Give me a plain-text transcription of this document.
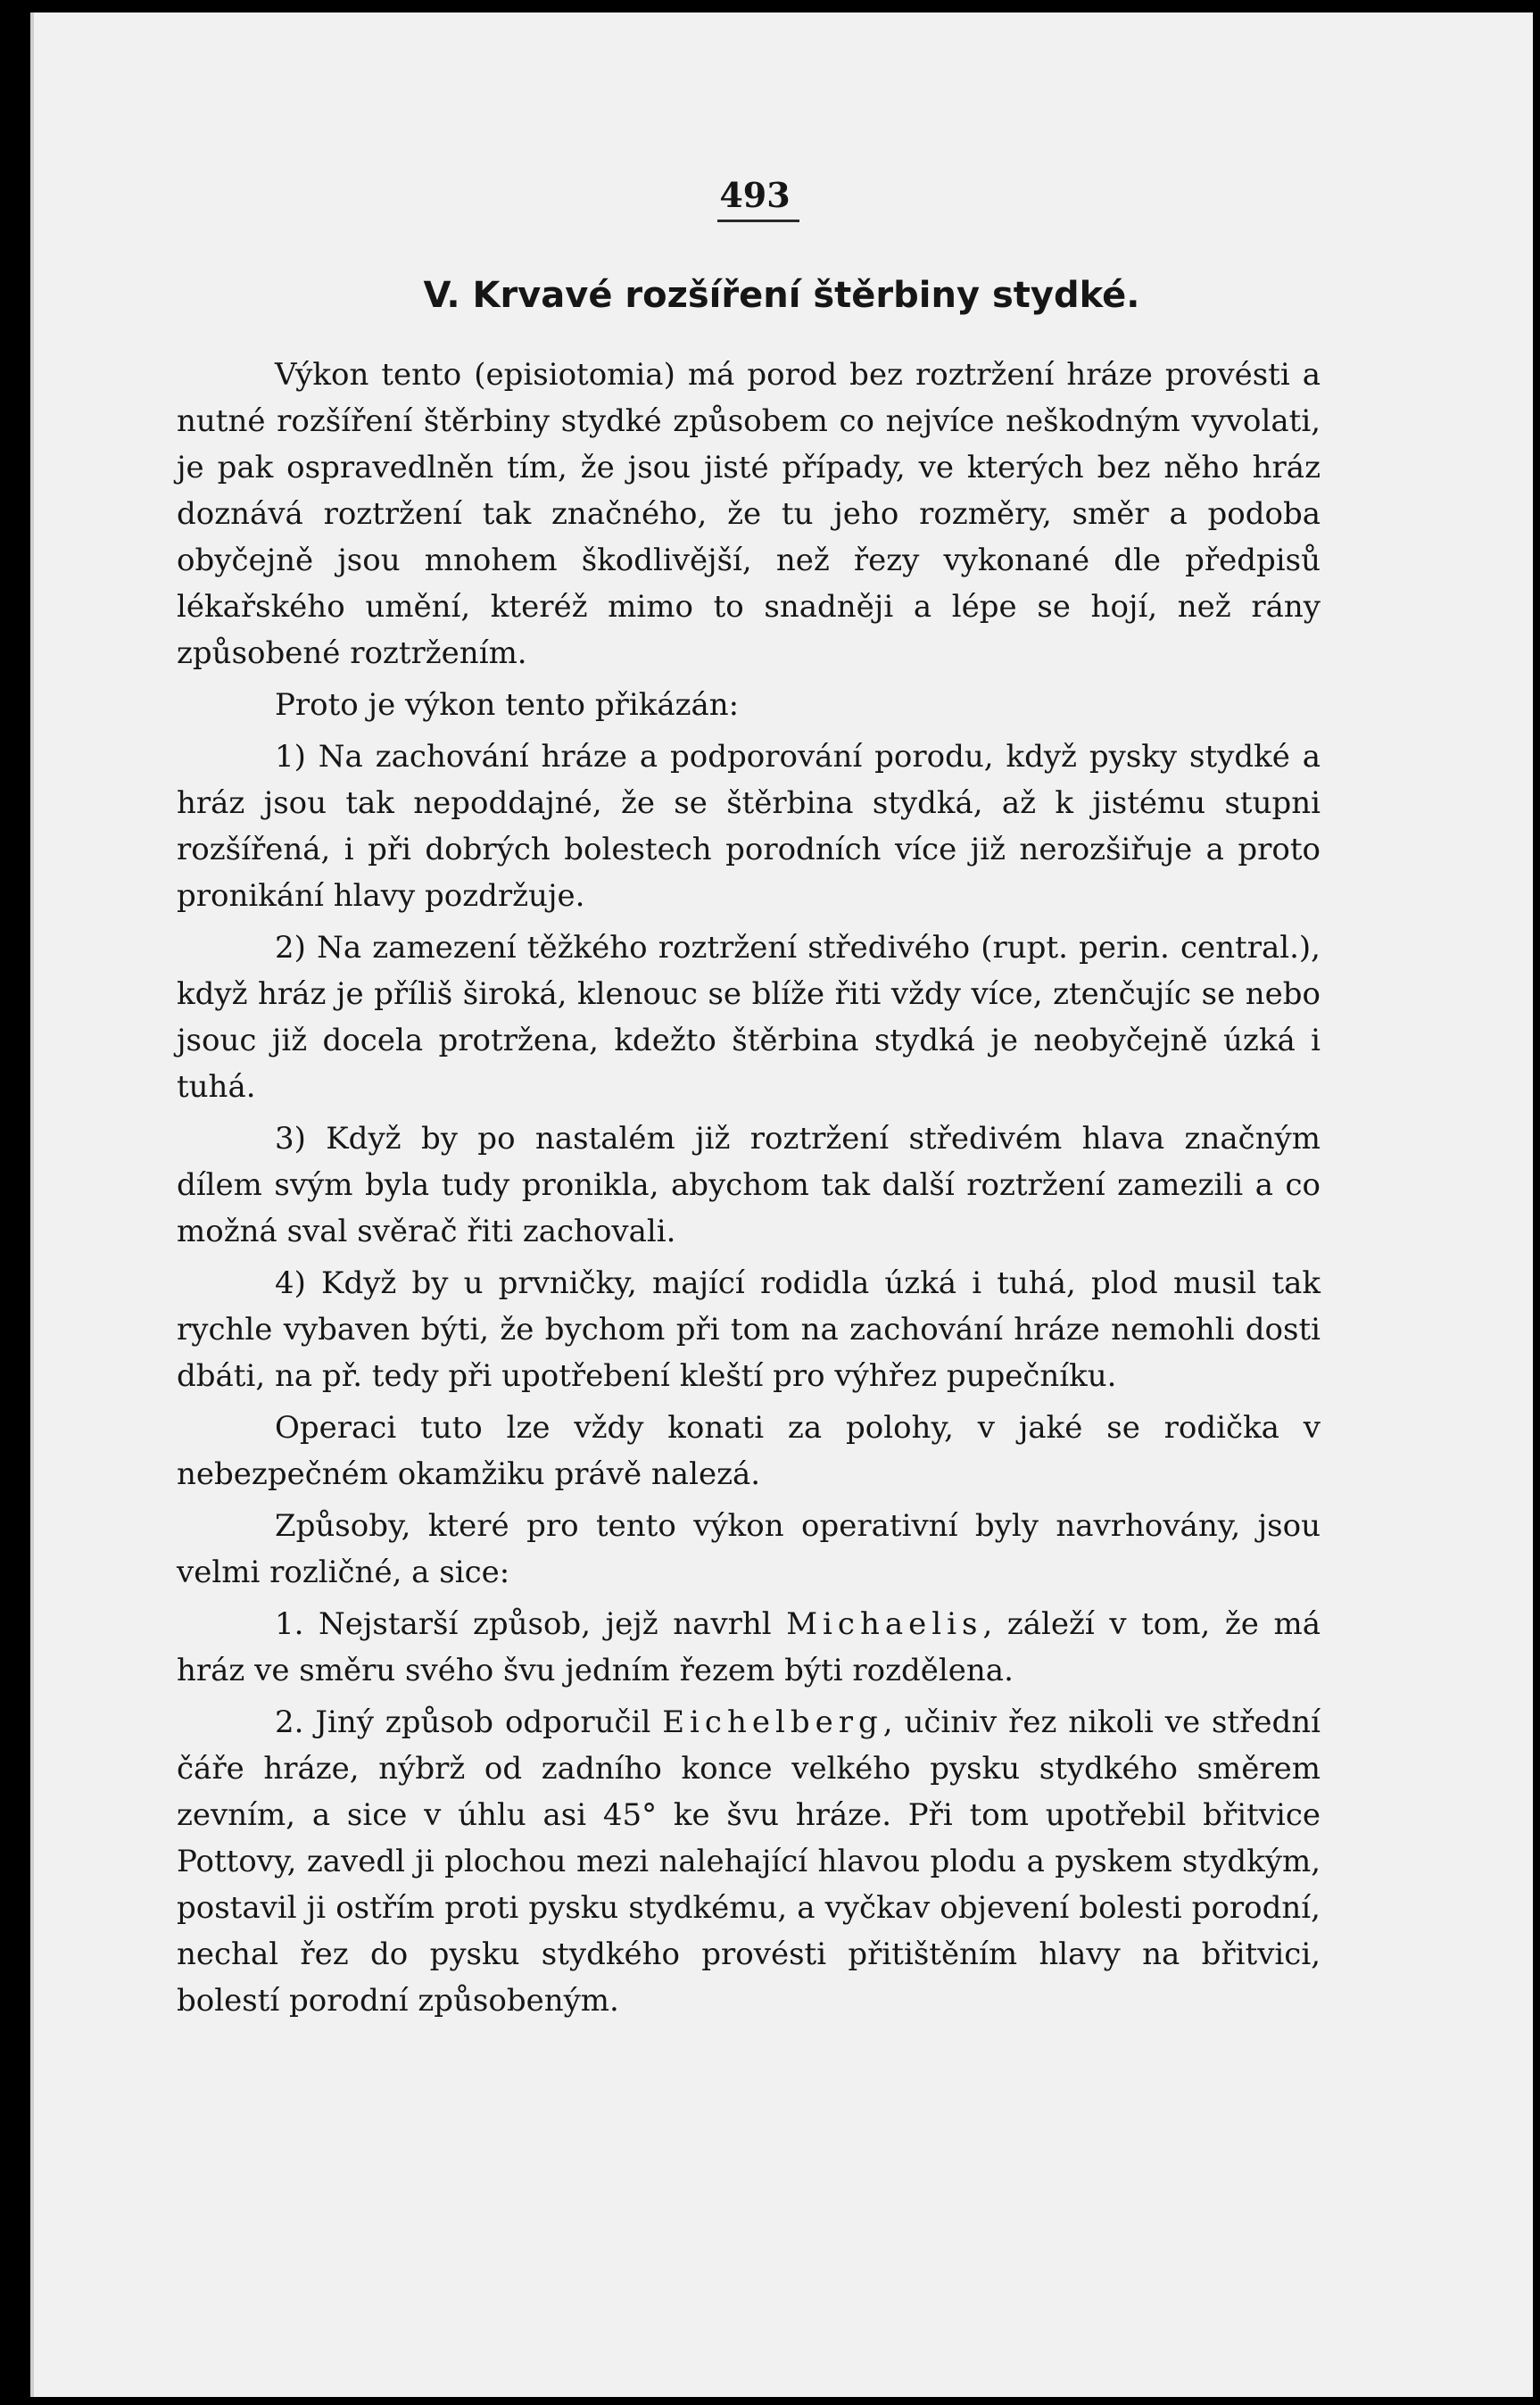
493
V. Krvavé rozšíření štěrbiny stydké.

Výkon tento (episiotomia) má porod bez roztržení hráze provésti a nutné rozšíření štěrbiny stydké způsobem co nejvíce neškodným vyvolati, je pak ospravedlněn tím, že jsou jisté případy, ve kterých bez něho hráz doznává roztržení tak značného, že tu jeho rozměry, směr a podoba obyčejně jsou mnohem škodlivější, než řezy vykonané dle předpisů lékařského umění, kteréž mimo to snadněji a lépe se hojí, než rány způsobené roztržením.

Proto je výkon tento přikázán:

1) Na zachování hráze a podporování porodu, když pysky stydké a hráz jsou tak nepoddajné, že se štěrbina stydká, až k jistému stupni rozšířená, i při dobrých bolestech porodních více již nerozšiřuje a proto pronikání hlavy pozdržuje.

2) Na zamezení těžkého roztržení středivého (rupt. perin. central.), když hráz je příliš široká, klenouc se blíže řiti vždy více, ztenčujíc se nebo jsouc již docela protržena, kdežto štěrbina stydká je neobyčejně úzká i tuhá.

3) Když by po nastalém již roztržení středivém hlava značným dílem svým byla tudy pronikla, abychom tak další roztržení zamezili a co možná sval svěrač řiti zachovali.

4) Když by u prvničky, mající rodidla úzká i tuhá, plod musil tak rychle vybaven býti, že bychom při tom na zachování hráze nemohli dosti dbáti, na př. tedy při upotřebení kleští pro výhřez pupečníku.

Operaci tuto lze vždy konati za polohy, v jaké se rodička v nebezpečném okamžiku právě nalezá.

Způsoby, které pro tento výkon operativní byly navrhovány, jsou velmi rozličné, a sice:

1. Nejstarší způsob, jejž navrhl Michaelis, záleží v tom, že má hráz ve směru svého švu jedním řezem býti rozdělena.

2. Jiný způsob odporučil Eichelberg, učiniv řez nikoli ve střední čáře hráze, nýbrž od zadního konce velkého pysku stydkého směrem zevním, a sice v úhlu asi 45° ke švu hráze. Při tom upotřebil břitvice Pottovy, zavedl ji plochou mezi nalehající hlavou plodu a pyskem stydkým, postavil ji ostřím proti pysku stydkému, a vyčkav objevení bolesti porodní, nechal řez do pysku stydkého provésti přitištěním hlavy na břitvici, bolestí porodní způsobeným.
